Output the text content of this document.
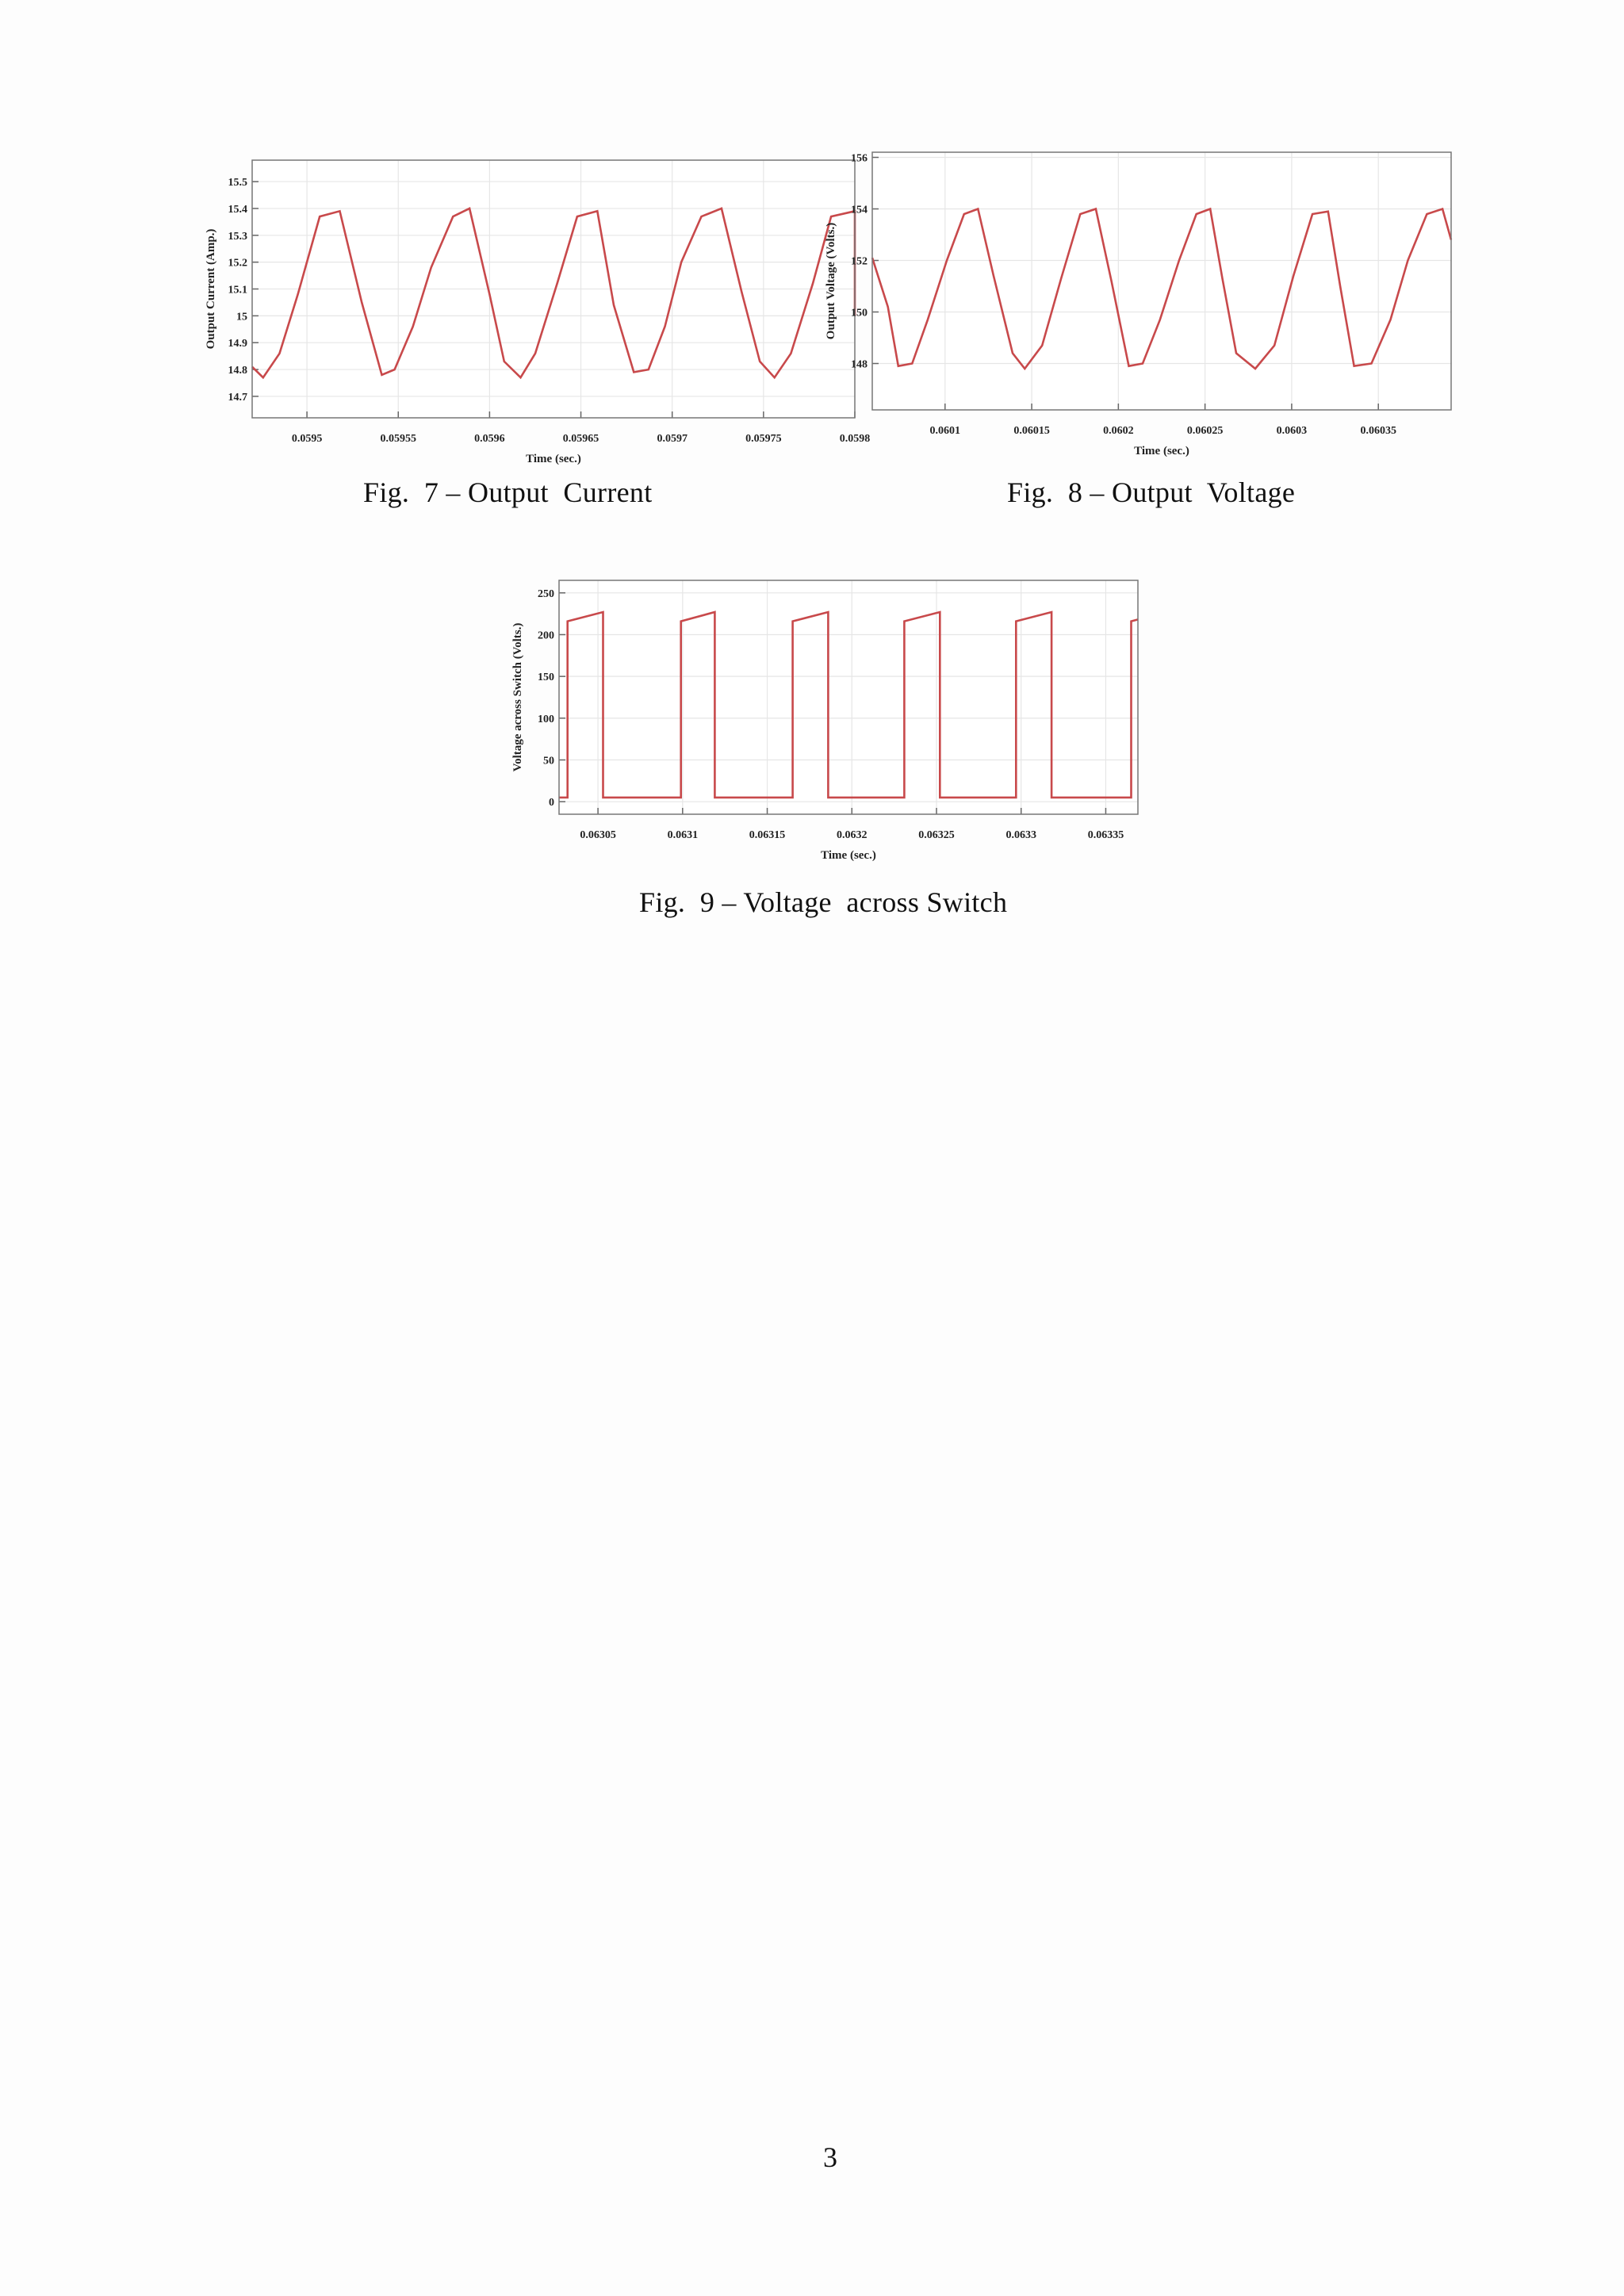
0.0595	0.05955	0.0596	0.05965	0.0597	0.05975	0.0598
14.7
14.8
14.9
15
15.1
15.2
15.3
15.4
15.5
Time (sec.)
Output Current (Amp.)
Fig.  7 – Output  Current
0.0601	0.06015	0.0602	0.06025	0.0603	0.06035
148
150
152
154
156
Time (sec.)
Output Voltage (Volts.)
Fig.  8 – Output  Voltage
0.06305	0.0631	0.06315	0.0632	0.06325	0.0633	0.06335
0
50
100
150
200
250
Time (sec.)
Voltage across Switch (Volts.)
Fig.  9 – Voltage  across Switch
3
